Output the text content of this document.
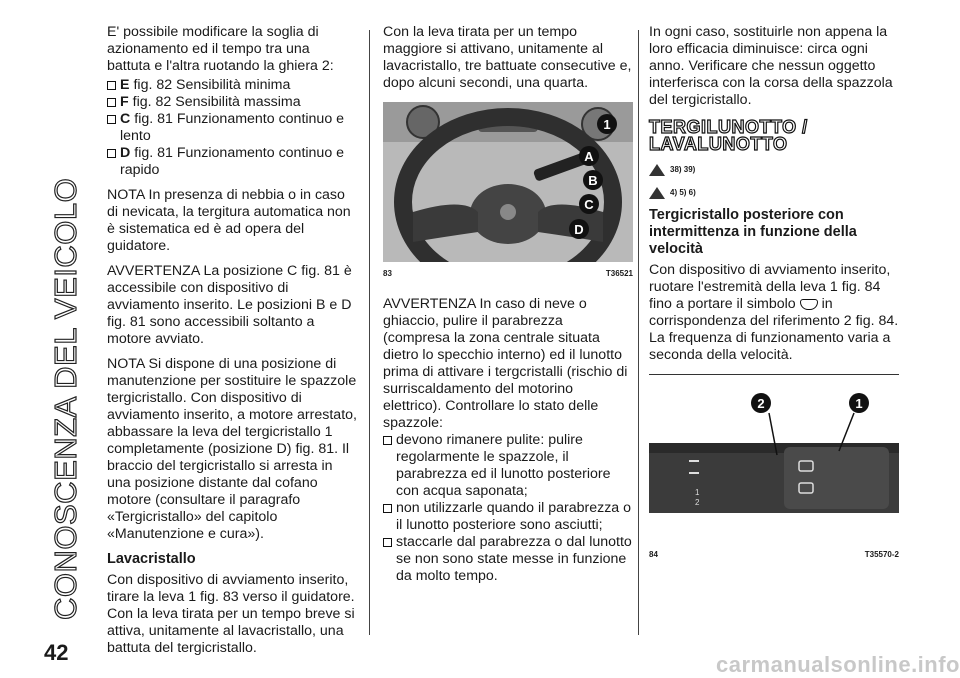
CONOSCENZA DEL VEICOLO
42

E' possibile modificare la soglia di azionamento ed il tempo tra una battuta e l'altra ruotando la ghiera 2:

E fig. 82 Sensibilità minima
F fig. 82 Sensibilità massima
C fig. 81 Funzionamento continuo e lento
D fig. 81 Funzionamento continuo e rapido

NOTA In presenza di nebbia o in caso di nevicata, la tergitura automatica non è sistematica ed è ad opera del guidatore.

AVVERTENZA La posizione C fig. 81 è accessibile con dispositivo di avviamento inserito. Le posizioni B e D fig. 81 sono accessibili soltanto a motore avviato.

NOTA Si dispone di una posizione di manutenzione per sostituire le spazzole tergicristallo. Con dispositivo di avviamento inserito, a motore arrestato, abbassare la leva del tergicristallo 1 completamente (posizione D) fig. 81. Il braccio del tergicristallo si arresta in una posizione distante dal cofano motore (consultare il paragrafo «Tergicristallo» del capitolo «Manutenzione e cura»).

Lavacristallo

Con dispositivo di avviamento inserito, tirare la leva 1 fig. 83 verso il guidatore. Con la leva tirata per un tempo breve si attiva, unitamente al lavacristallo, una battuta del tergicristallo.

Con la leva tirata per un tempo maggiore si attivano, unitamente al lavacristallo, tre battuate consecutive e, dopo alcuni secondi, una quarta.

1
A
B
C
D
83	T36521

AVVERTENZA In caso di neve o ghiaccio, pulire il parabrezza (compresa la zona centrale situata dietro lo specchio interno) ed il lunotto prima di attivare i tergcristalli (rischio di surriscaldamento del motorino elettrico). Controllare lo stato delle spazzole:

devono rimanere pulite: pulire regolarmente le spazzole, il parabrezza ed il lunotto posteriore con acqua saponata;
non utilizzarle quando il parabrezza o il lunotto posteriore sono asciutti;
staccarle dal parabrezza o dal lunotto se non sono state messe in funzione da molto tempo.

In ogni caso, sostituirle non appena la loro efficacia diminuisce: circa ogni anno. Verificare che nessun oggetto interferisca con la corsa della spazzola del tergicristallo.

TERGILUNOTTO / LAVALUNOTTO
38) 39)
4) 5) 6)
Tergicristallo posteriore con intermittenza in funzione della velocità

Con dispositivo di avviamento inserito, ruotare l'estremità della leva 1 fig. 84 fino a portare il simbolo in corrispondenza del riferimento 2 fig. 84. La frequenza di funzionamento varia a seconda della velocità.

1
2
2	1
84	T35570-2
carmanualsonline.info
